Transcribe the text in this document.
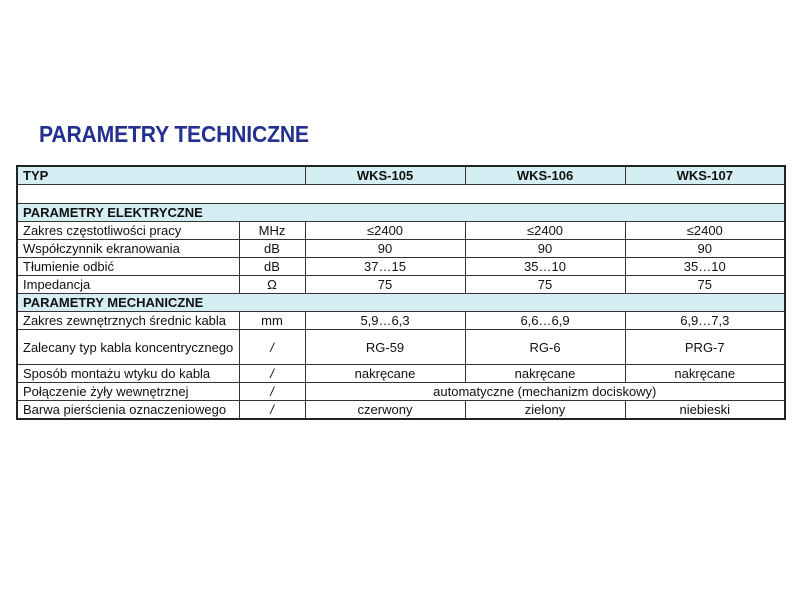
PARAMETRY TECHNICZNE
TYP		WKS-105	WKS-106	WKS-107

PARAMETRY ELEKTRYCZNE				
Zakres częstotliwości pracy	MHz	≤2400	≤2400	≤2400
Współczynnik ekranowania	dB	90	90	90
Tłumienie odbić	dB	37…15	35…10	35…10
Impedancja	Ω	75	75	75
PARAMETRY MECHANICZNE				
Zakres zewnętrznych średnic kabla	mm	5,9…6,3	6,6…6,9	6,9…7,3
Zalecany typ kabla koncentrycznego	/	RG-59	RG-6	PRG-7
Sposób montażu wtyku do kabla	/	nakręcane	nakręcane	nakręcane
Połączenie żyły wewnętrznej	/	automatyczne (mechanizm dociskowy)		
Barwa pierścienia oznaczeniowego	/	czerwony	zielony	niebieski
